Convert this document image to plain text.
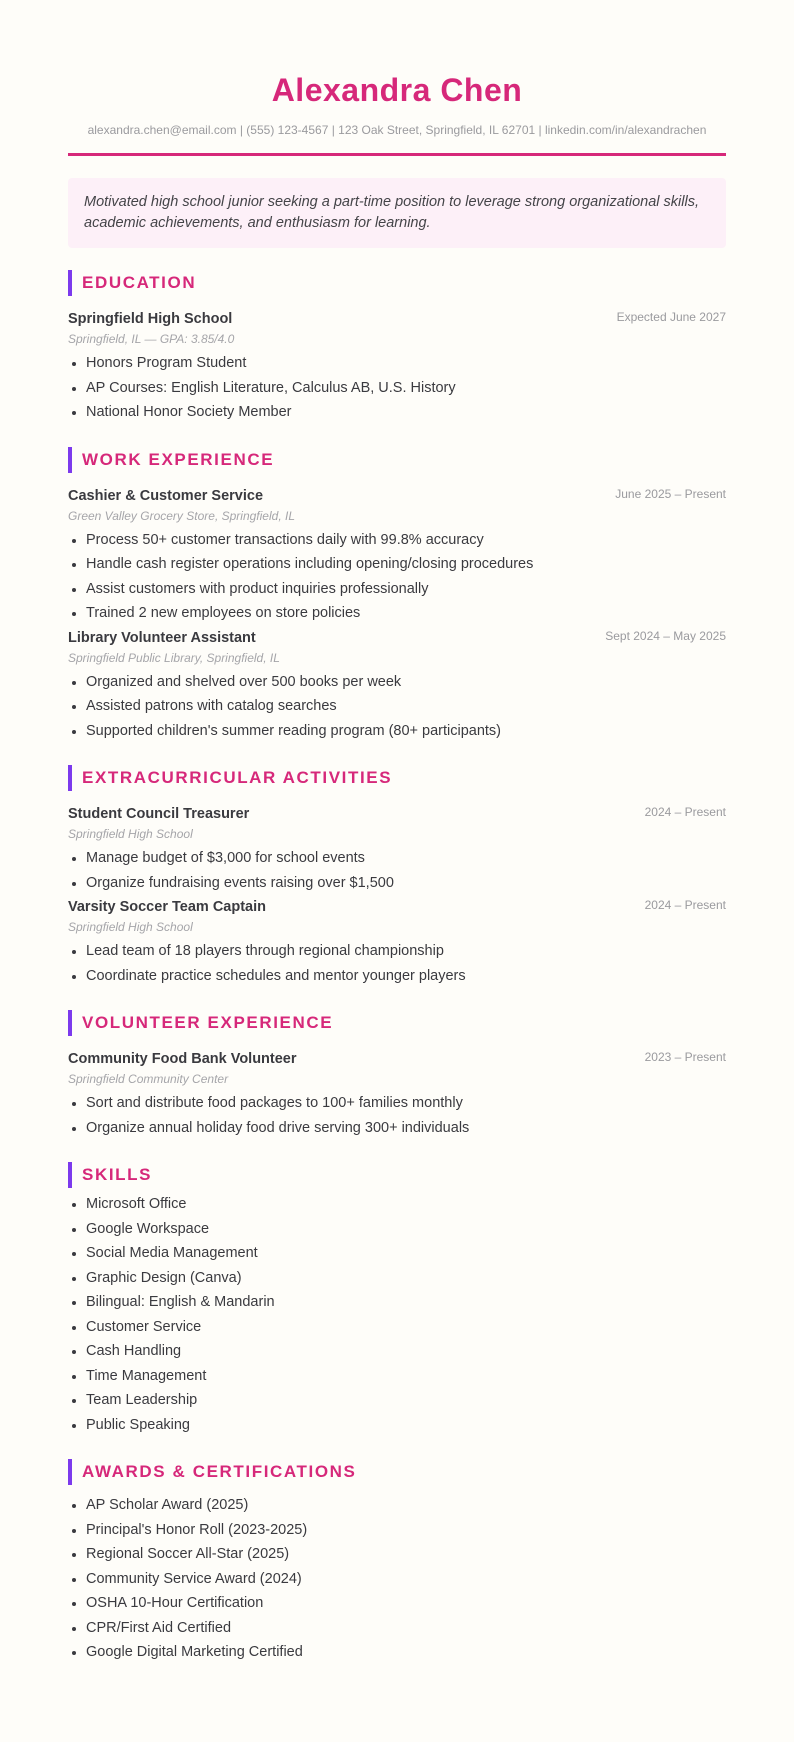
Alexandra Chen
alexandra.chen@email.com | (555) 123-4567 | 123 Oak Street, Springfield, IL 62701 | linkedin.com/in/alexandrachen
Motivated high school junior seeking a part-time position to leverage strong organizational skills, academic achievements, and enthusiasm for learning.
EDUCATION
Springfield High School	Expected June 2027
Springfield, IL — GPA: 3.85/4.0
Honors Program Student
AP Courses: English Literature, Calculus AB, U.S. History
National Honor Society Member
WORK EXPERIENCE
Cashier & Customer Service	June 2025 – Present
Green Valley Grocery Store, Springfield, IL
Process 50+ customer transactions daily with 99.8% accuracy
Handle cash register operations including opening/closing procedures
Assist customers with product inquiries professionally
Trained 2 new employees on store policies
Library Volunteer Assistant	Sept 2024 – May 2025
Springfield Public Library, Springfield, IL
Organized and shelved over 500 books per week
Assisted patrons with catalog searches
Supported children's summer reading program (80+ participants)
EXTRACURRICULAR ACTIVITIES
Student Council Treasurer	2024 – Present
Springfield High School
Manage budget of $3,000 for school events
Organize fundraising events raising over $1,500
Varsity Soccer Team Captain	2024 – Present
Springfield High School
Lead team of 18 players through regional championship
Coordinate practice schedules and mentor younger players
VOLUNTEER EXPERIENCE
Community Food Bank Volunteer	2023 – Present
Springfield Community Center
Sort and distribute food packages to 100+ families monthly
Organize annual holiday food drive serving 300+ individuals
SKILLS
Microsoft Office
Google Workspace
Social Media Management
Graphic Design (Canva)
Bilingual: English & Mandarin
Customer Service
Cash Handling
Time Management
Team Leadership
Public Speaking
AWARDS & CERTIFICATIONS
AP Scholar Award (2025)
Principal's Honor Roll (2023-2025)
Regional Soccer All-Star (2025)
Community Service Award (2024)
OSHA 10-Hour Certification
CPR/First Aid Certified
Google Digital Marketing Certified
